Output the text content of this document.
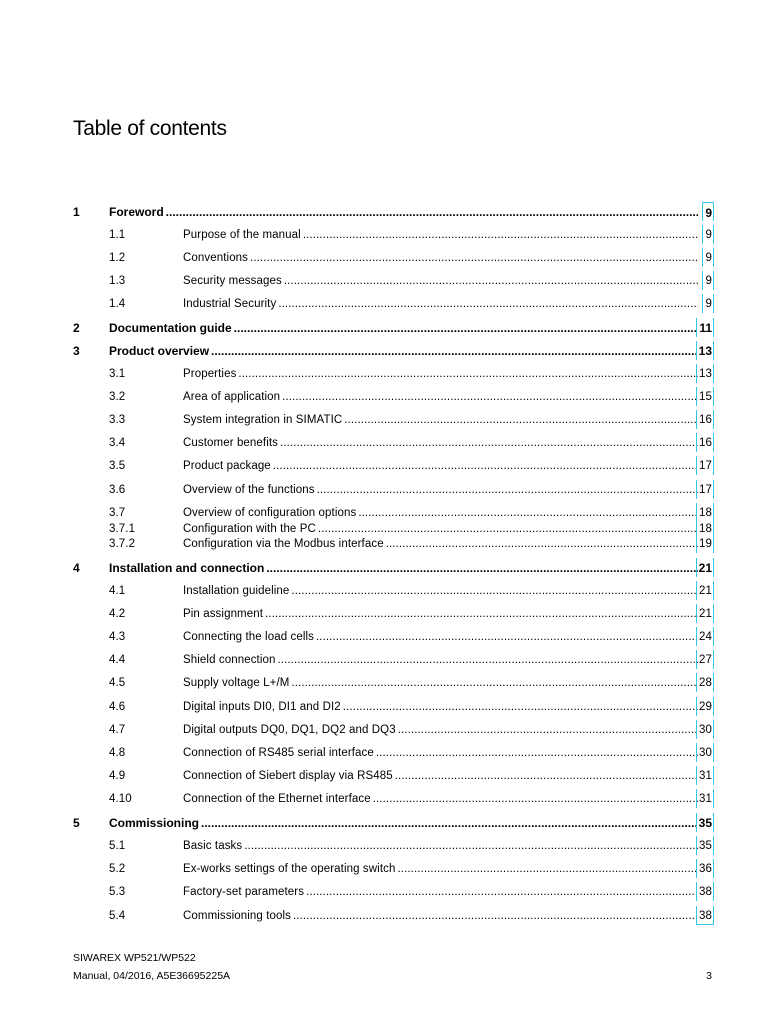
Table of contents
1 Foreword .....	9
1.1	Purpose of the manual .....	9
1.2	Conventions .....	9
1.3	Security messages .....	9
1.4	Industrial Security .....	9
2 Documentation guide .....	11
3 Product overview .....	13
3.1	Properties .....	13
3.2	Area of application .....	15
3.3	System integration in SIMATIC .....	16
3.4	Customer benefits .....	16
3.5	Product package .....	17
3.6	Overview of the functions .....	17
3.7	Overview of configuration options .....	18
3.7.1	Configuration with the PC .....	18
3.7.2	Configuration via the Modbus interface .....	19
4 Installation and connection .....	21
4.1	Installation guideline .....	21
4.2	Pin assignment .....	21
4.3	Connecting the load cells .....	24
4.4	Shield connection .....	27
4.5	Supply voltage L+/M .....	28
4.6	Digital inputs DI0, DI1 and DI2 .....	29
4.7	Digital outputs DQ0, DQ1, DQ2 and DQ3 .....	30
4.8	Connection of RS485 serial interface .....	30
4.9	Connection of Siebert display via RS485 .....	31
4.10	Connection of the Ethernet interface .....	31
5 Commissioning .....	35
5.1	Basic tasks .....	35
5.2	Ex-works settings of the operating switch .....	36
5.3	Factory-set parameters .....	38
5.4	Commissioning tools .....	38
SIWAREX WP521/WP522
Manual, 04/2016, A5E36695225A	3
